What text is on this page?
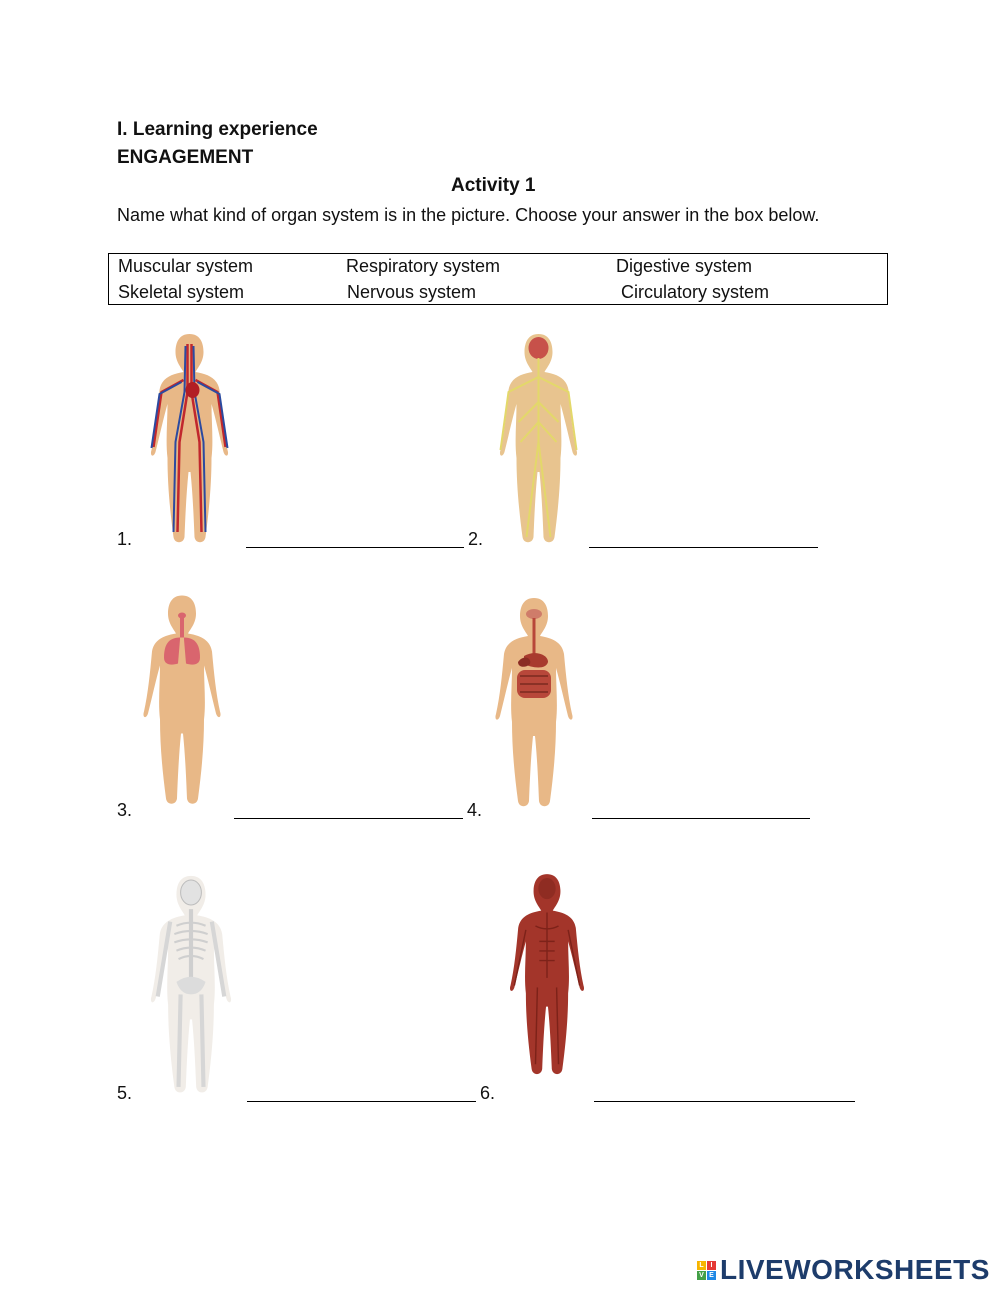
I. Learning experience
ENGAGEMENT
Activity 1
Name what kind of organ system is in the picture. Choose your answer in the box below.
Muscular system	Respiratory system	Digestive system
Skeletal system	Nervous system	Circulatory system
1.	2.
3.	4.
5.	6.
L I
V E LIVEWORKSHEETS
